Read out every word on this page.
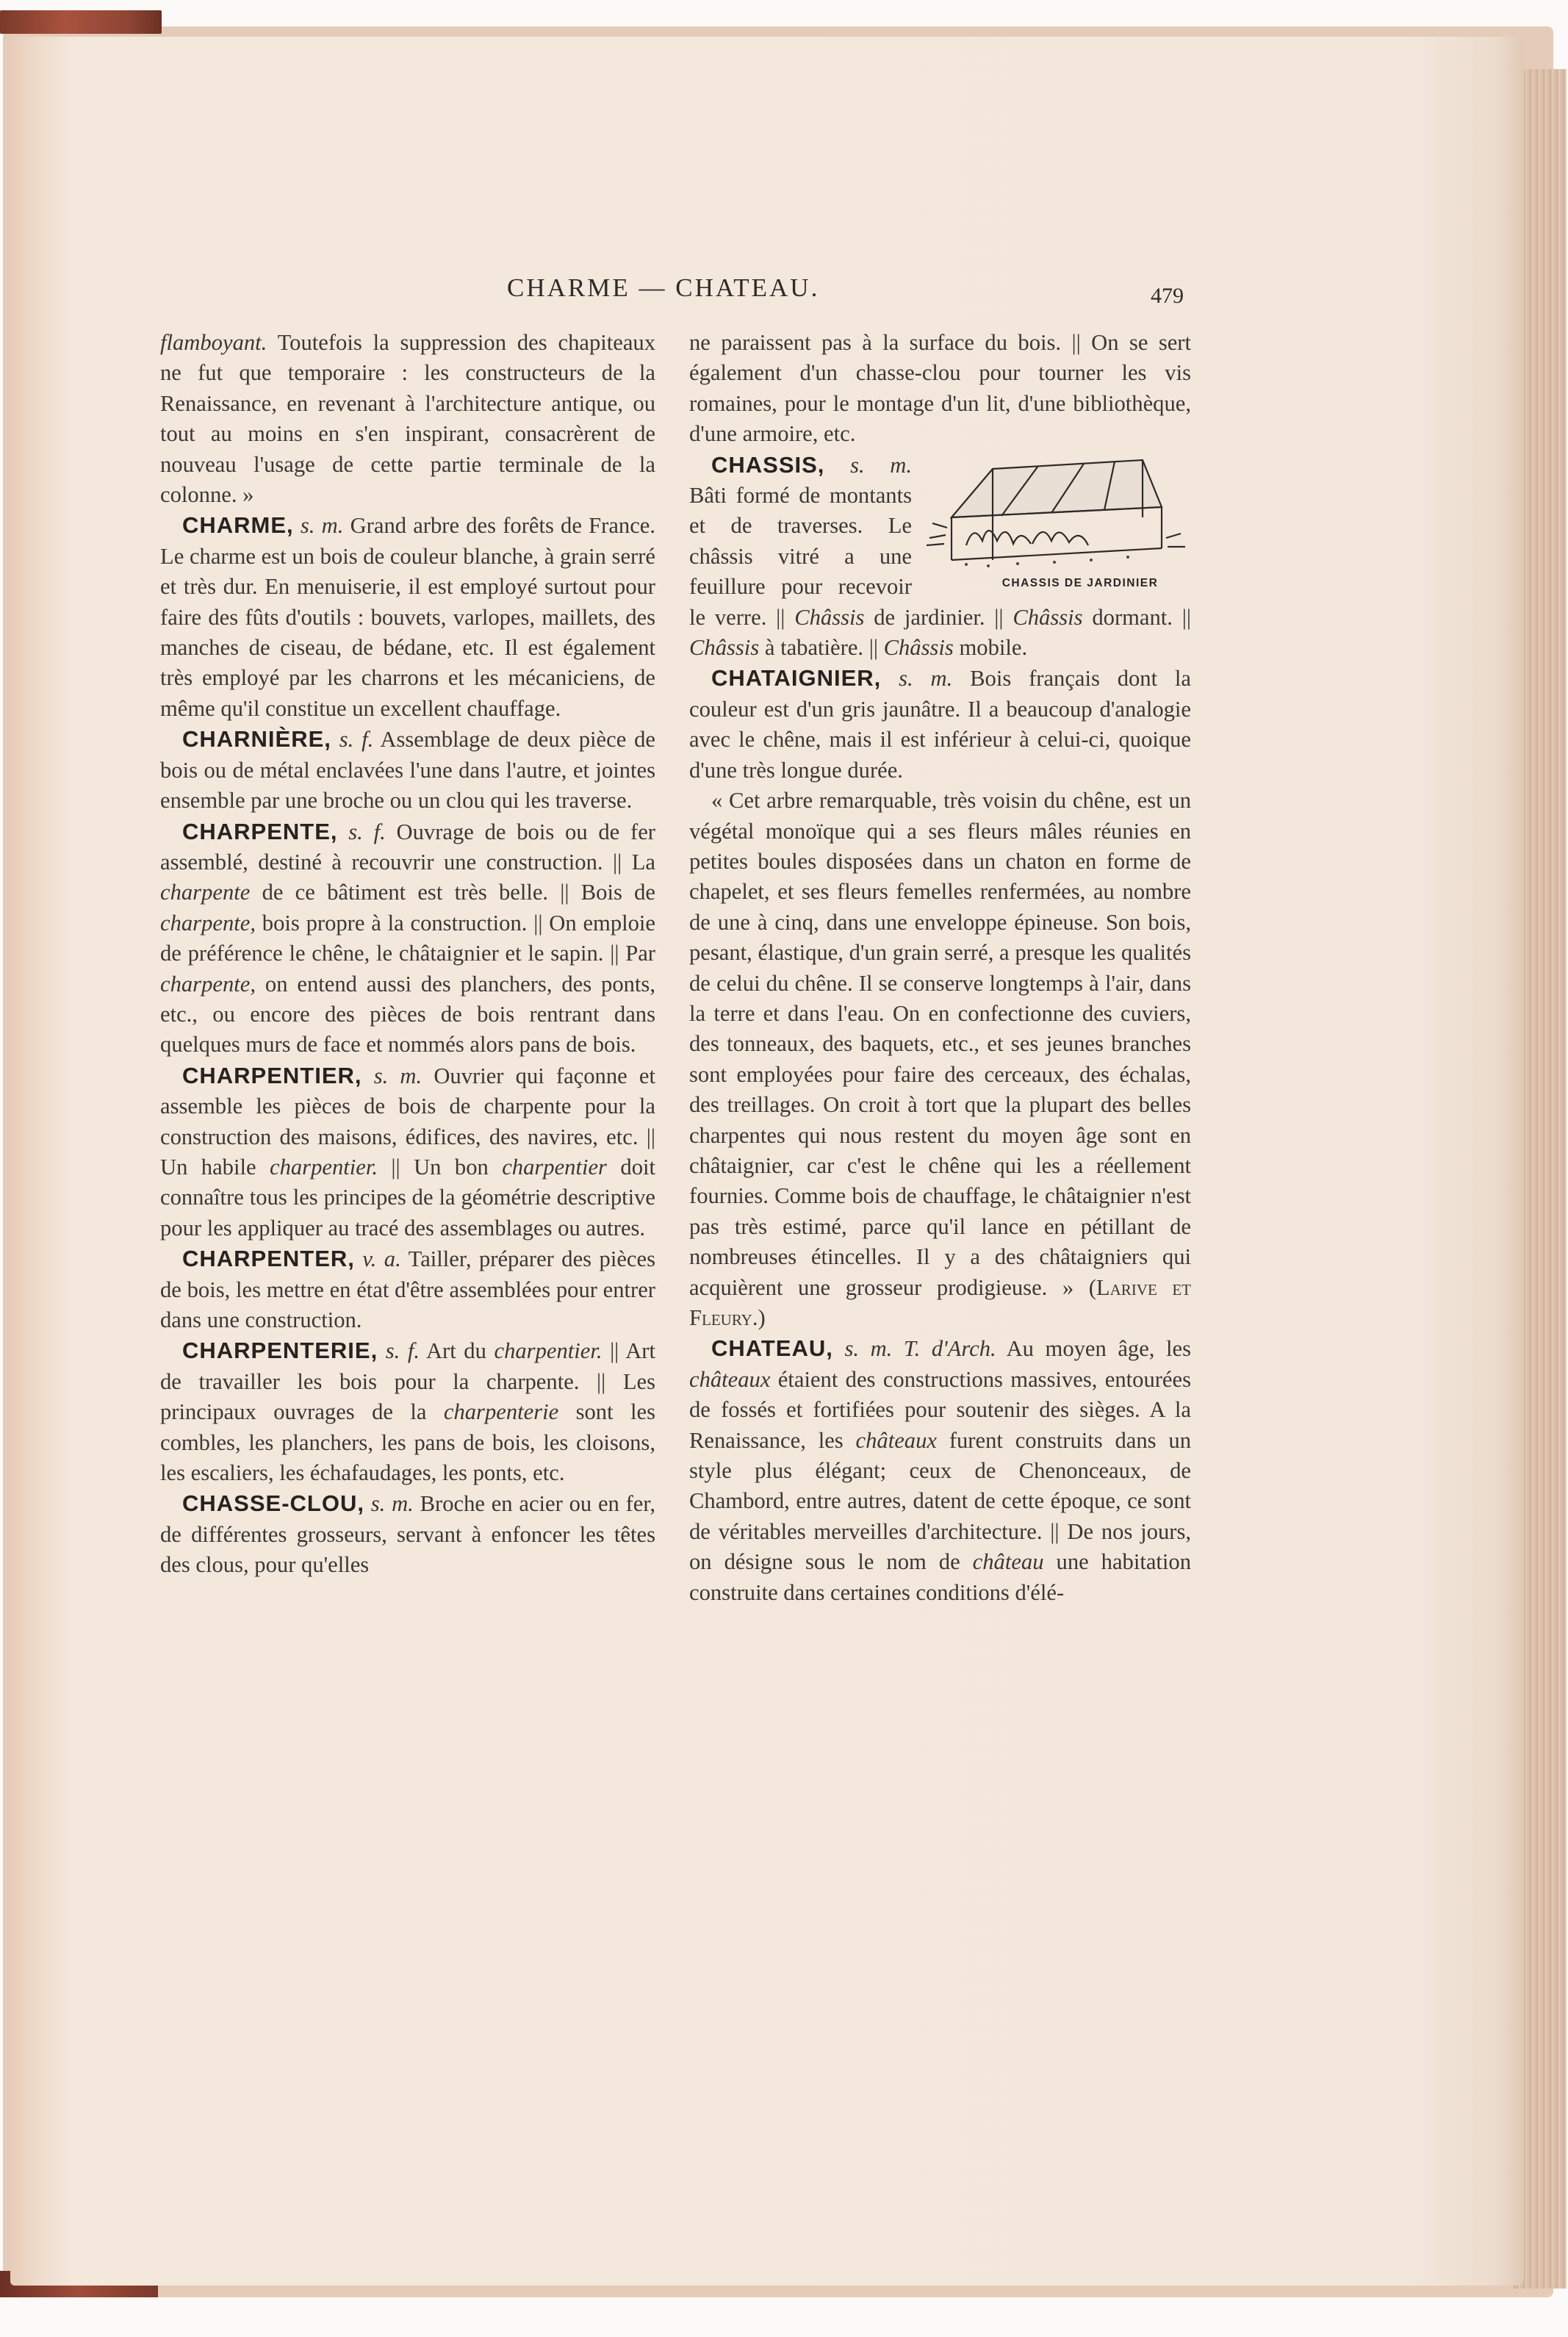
CHARME — CHATEAU.	479

flamboyant. Toutefois la suppression des chapiteaux ne fut que temporaire : les constructeurs de la Renaissance, en revenant à l'architecture antique, ou tout au moins en s'en inspirant, consacrèrent de nouveau l'usage de cette partie terminale de la colonne. »

CHARME, s. m. Grand arbre des forêts de France. Le charme est un bois de couleur blanche, à grain serré et très dur. En menuiserie, il est employé surtout pour faire des fûts d'outils : bouvets, varlopes, maillets, des manches de ciseau, de bédane, etc. Il est également très employé par les charrons et les mécaniciens, de même qu'il constitue un excellent chauffage.

CHARNIÈRE, s. f. Assemblage de deux pièce de bois ou de métal enclavées l'une dans l'autre, et jointes ensemble par une broche ou un clou qui les traverse.

CHARPENTE, s. f. Ouvrage de bois ou de fer assemblé, destiné à recouvrir une construction. || La charpente de ce bâtiment est très belle. || Bois de charpente, bois propre à la construction. || On emploie de préférence le chêne, le châtaignier et le sapin. || Par charpente, on entend aussi des planchers, des ponts, etc., ou encore des pièces de bois rentrant dans quelques murs de face et nommés alors pans de bois.

CHARPENTIER, s. m. Ouvrier qui façonne et assemble les pièces de bois de charpente pour la construction des maisons, édifices, des navires, etc. || Un habile charpentier. || Un bon charpentier doit connaître tous les principes de la géométrie descriptive pour les appliquer au tracé des assemblages ou autres.

CHARPENTER, v. a. Tailler, préparer des pièces de bois, les mettre en état d'être assemblées pour entrer dans une construction.

CHARPENTERIE, s. f. Art du charpentier. || Art de travailler les bois pour la charpente. || Les principaux ouvrages de la charpenterie sont les combles, les planchers, les pans de bois, les cloisons, les escaliers, les échafaudages, les ponts, etc.

CHASSE-CLOU, s. m. Broche en acier ou en fer, de différentes grosseurs, servant à enfoncer les têtes des clous, pour qu'elles

ne paraissent pas à la surface du bois. || On se sert également d'un chasse-clou pour tourner les vis romaines, pour le montage d'un lit, d'une bibliothèque, d'une armoire, etc.

CHASSIS, s. m.
CHASSIS DE JARDINIER
Bâti formé de montants et de traverses. Le châssis vitré a une feuillure pour recevoir le verre. || Châssis de jardinier. || Châssis dormant. || Châssis à tabatière. || Châssis mobile.

CHATAIGNIER, s. m. Bois français dont la couleur est d'un gris jaunâtre. Il a beaucoup d'analogie avec le chêne, mais il est inférieur à celui-ci, quoique d'une très longue durée.

« Cet arbre remarquable, très voisin du chêne, est un végétal monoïque qui a ses fleurs mâles réunies en petites boules disposées dans un chaton en forme de chapelet, et ses fleurs femelles renfermées, au nombre de une à cinq, dans une enveloppe épineuse. Son bois, pesant, élastique, d'un grain serré, a presque les qualités de celui du chêne. Il se conserve longtemps à l'air, dans la terre et dans l'eau. On en confectionne des cuviers, des tonneaux, des baquets, etc., et ses jeunes branches sont employées pour faire des cerceaux, des échalas, des treillages. On croit à tort que la plupart des belles charpentes qui nous restent du moyen âge sont en châtaignier, car c'est le chêne qui les a réellement fournies. Comme bois de chauffage, le châtaignier n'est pas très estimé, parce qu'il lance en pétillant de nombreuses étincelles. Il y a des châtaigniers qui acquièrent une grosseur prodigieuse. » (Larive et Fleury.)

CHATEAU, s. m. T. d'Arch. Au moyen âge, les châteaux étaient des constructions massives, entourées de fossés et fortifiées pour soutenir des sièges. A la Renaissance, les châteaux furent construits dans un style plus élégant; ceux de Chenonceaux, de Chambord, entre autres, datent de cette époque, ce sont de véritables merveilles d'architecture. || De nos jours, on désigne sous le nom de château une habitation construite dans certaines conditions d'élé-
